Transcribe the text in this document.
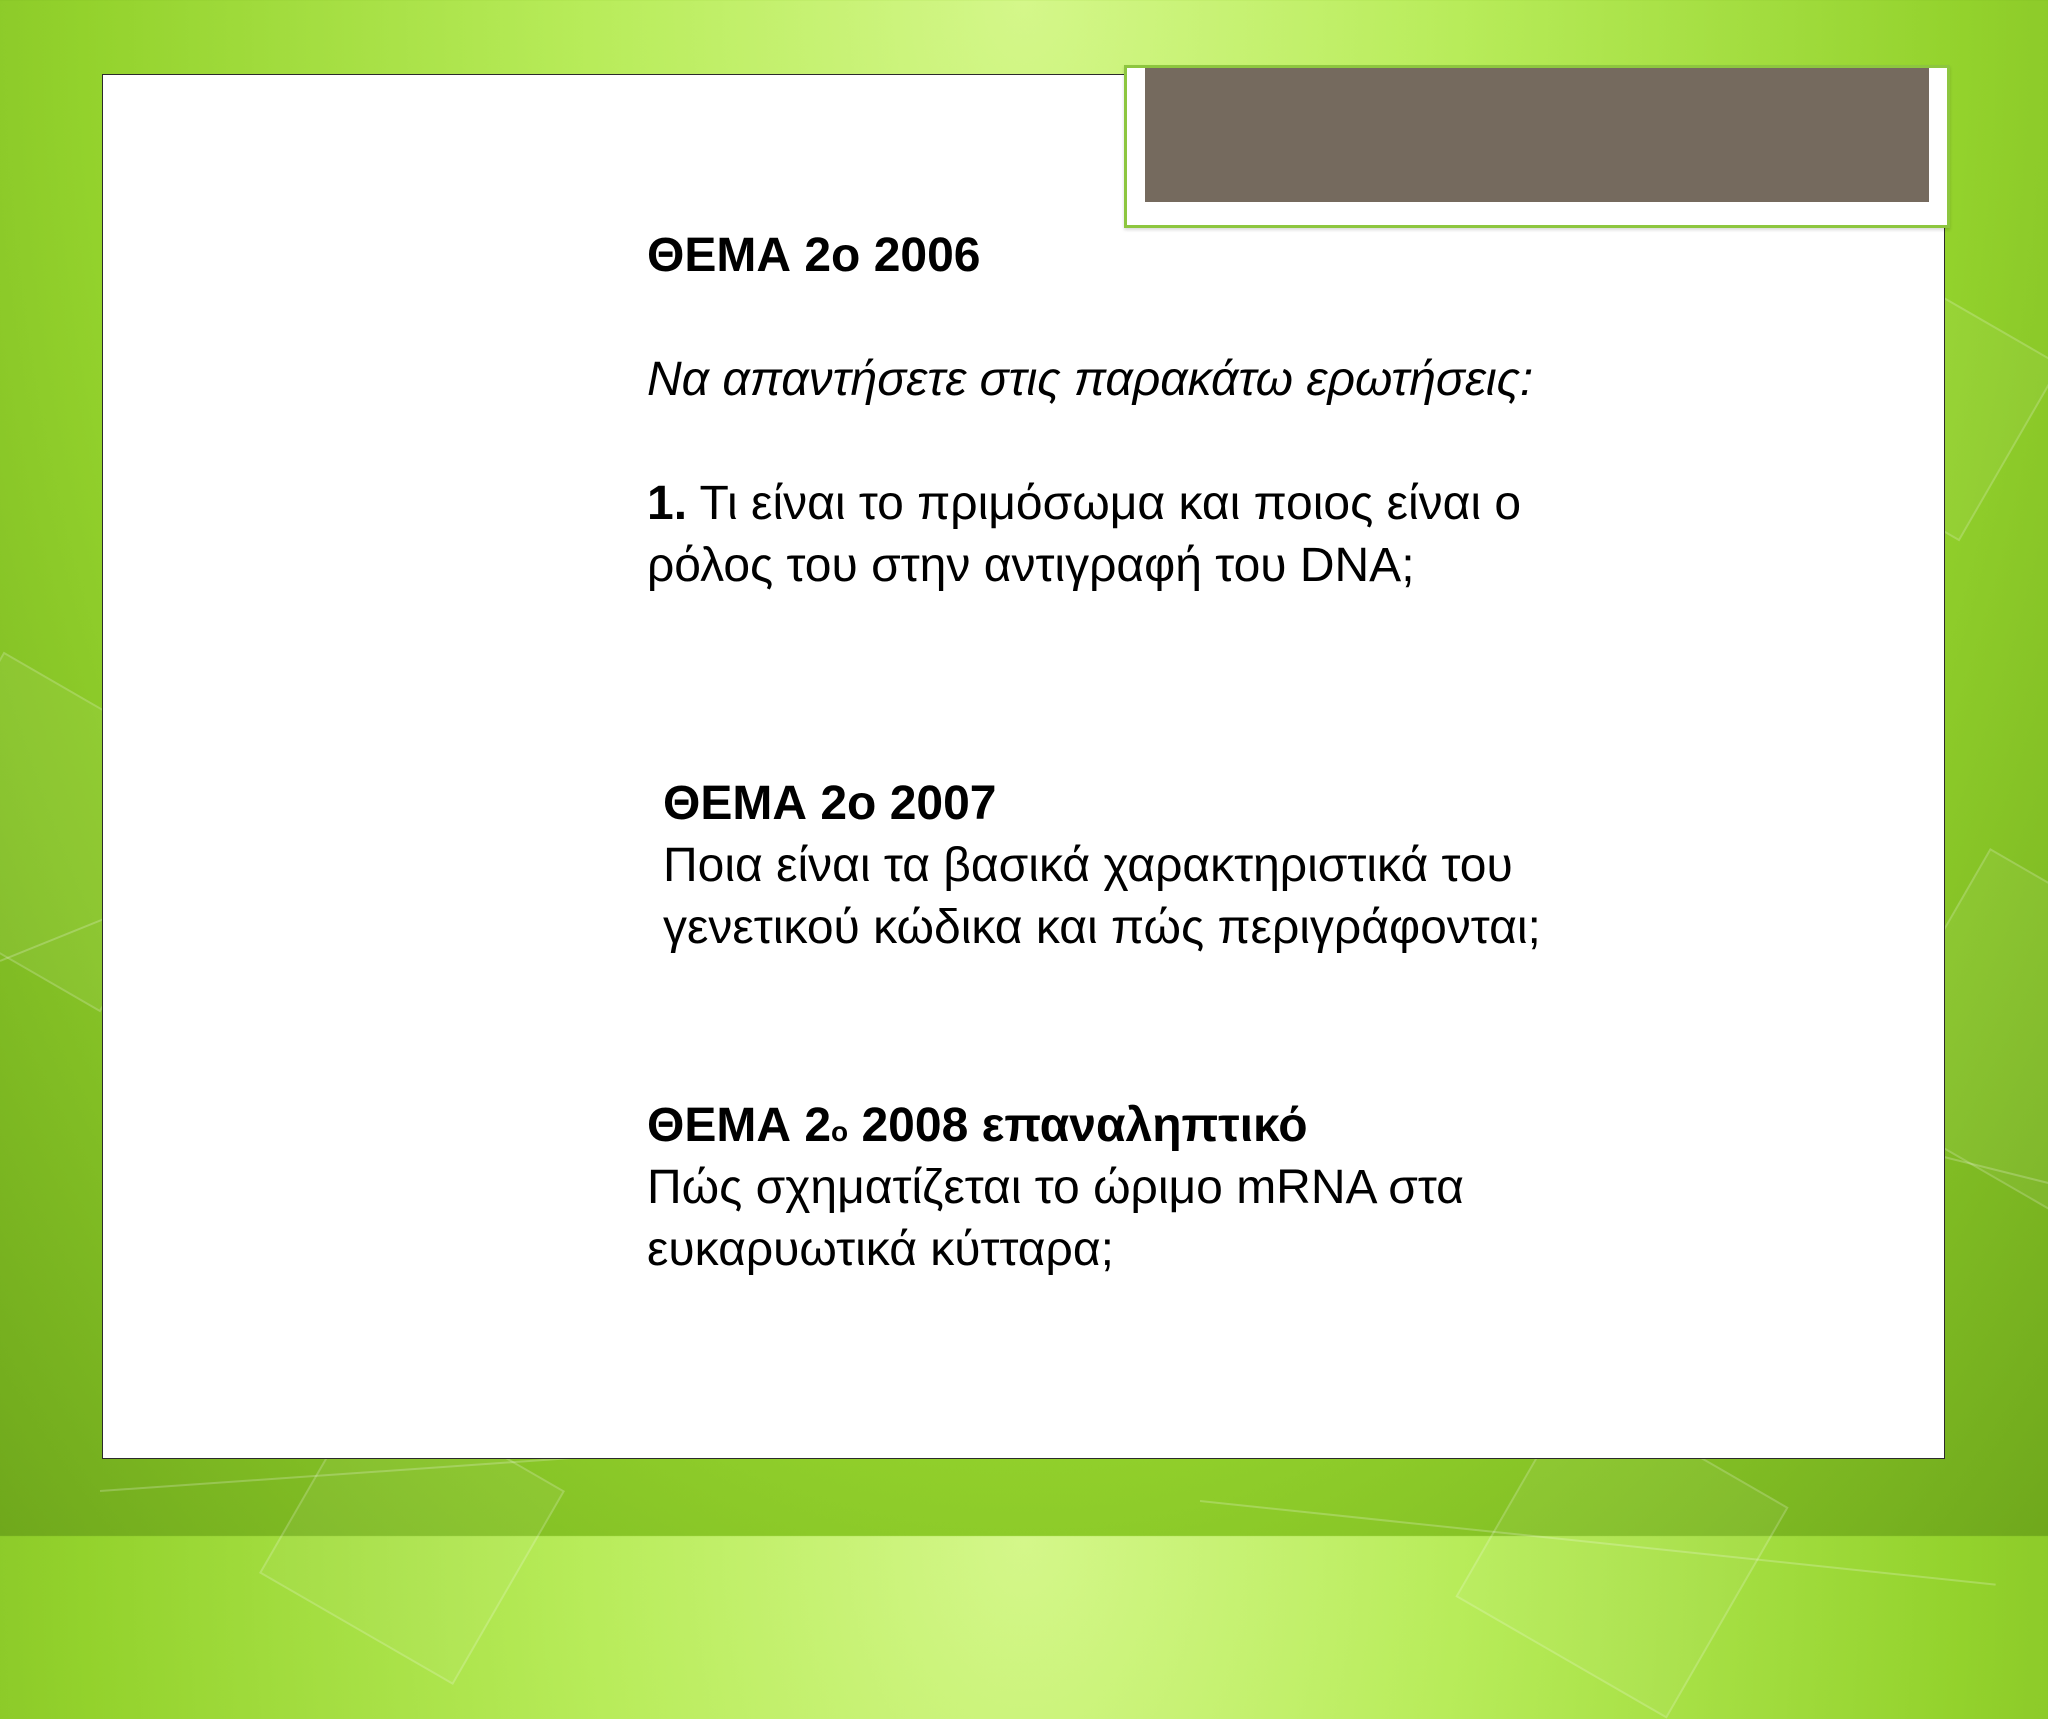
ΘΕΜΑ 2ο 2006
Να απαντήσετε στις παρακάτω ερωτήσεις:
1. Τι είναι το πριμόσωμα και ποιος είναι ο
ρόλος του στην αντιγραφή του DNA;
ΘΕΜΑ 2ο 2007
Ποια είναι τα βασικά χαρακτηριστικά του
γενετικού κώδικα και πώς περιγράφονται;
ΘΕΜΑ $2^o$ 2008 επαναληπτικό
Πώς σχηματίζεται το ώριμο mRNA στα
ευκαρυωτικά κύτταρα;
